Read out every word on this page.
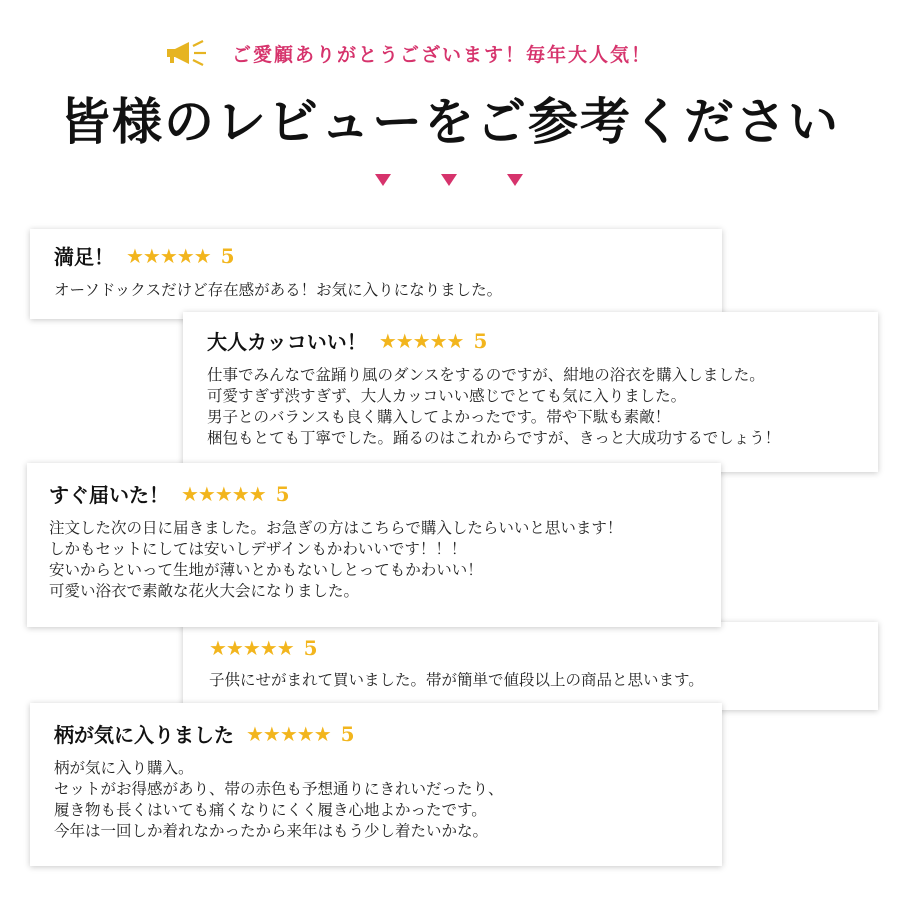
ご愛顧ありがとうございます！毎年大人気！
皆様のレビューをご参考ください
満足！ ★★★★★ 5
オーソドックスだけど存在感がある！お気に入りになりました。
大人カッコいい！ ★★★★★ 5
仕事でみんなで盆踊り風のダンスをするのですが、紺地の浴衣を購入しました。
可愛すぎず渋すぎず、大人カッコいい感じでとても気に入りました。
男子とのバランスも良く購入してよかったです。帯や下駄も素敵！
梱包もとても丁寧でした。踊るのはこれからですが、きっと大成功するでしょう！
すぐ届いた！ ★★★★★ 5
注文した次の日に届きました。お急ぎの方はこちらで購入したらいいと思います！
しかもセットにしては安いしデザインもかわいいです！！！
安いからといって生地が薄いとかもないしとってもかわいい！
可愛い浴衣で素敵な花火大会になりました。
★★★★★ 5
子供にせがまれて買いました。帯が簡単で値段以上の商品と思います。
柄が気に入りました ★★★★★ 5
柄が気に入り購入。
セットがお得感があり、帯の赤色も予想通りにきれいだったり、
履き物も長くはいても痛くなりにくく履き心地よかったです。
今年は一回しか着れなかったから来年はもう少し着たいかな。
